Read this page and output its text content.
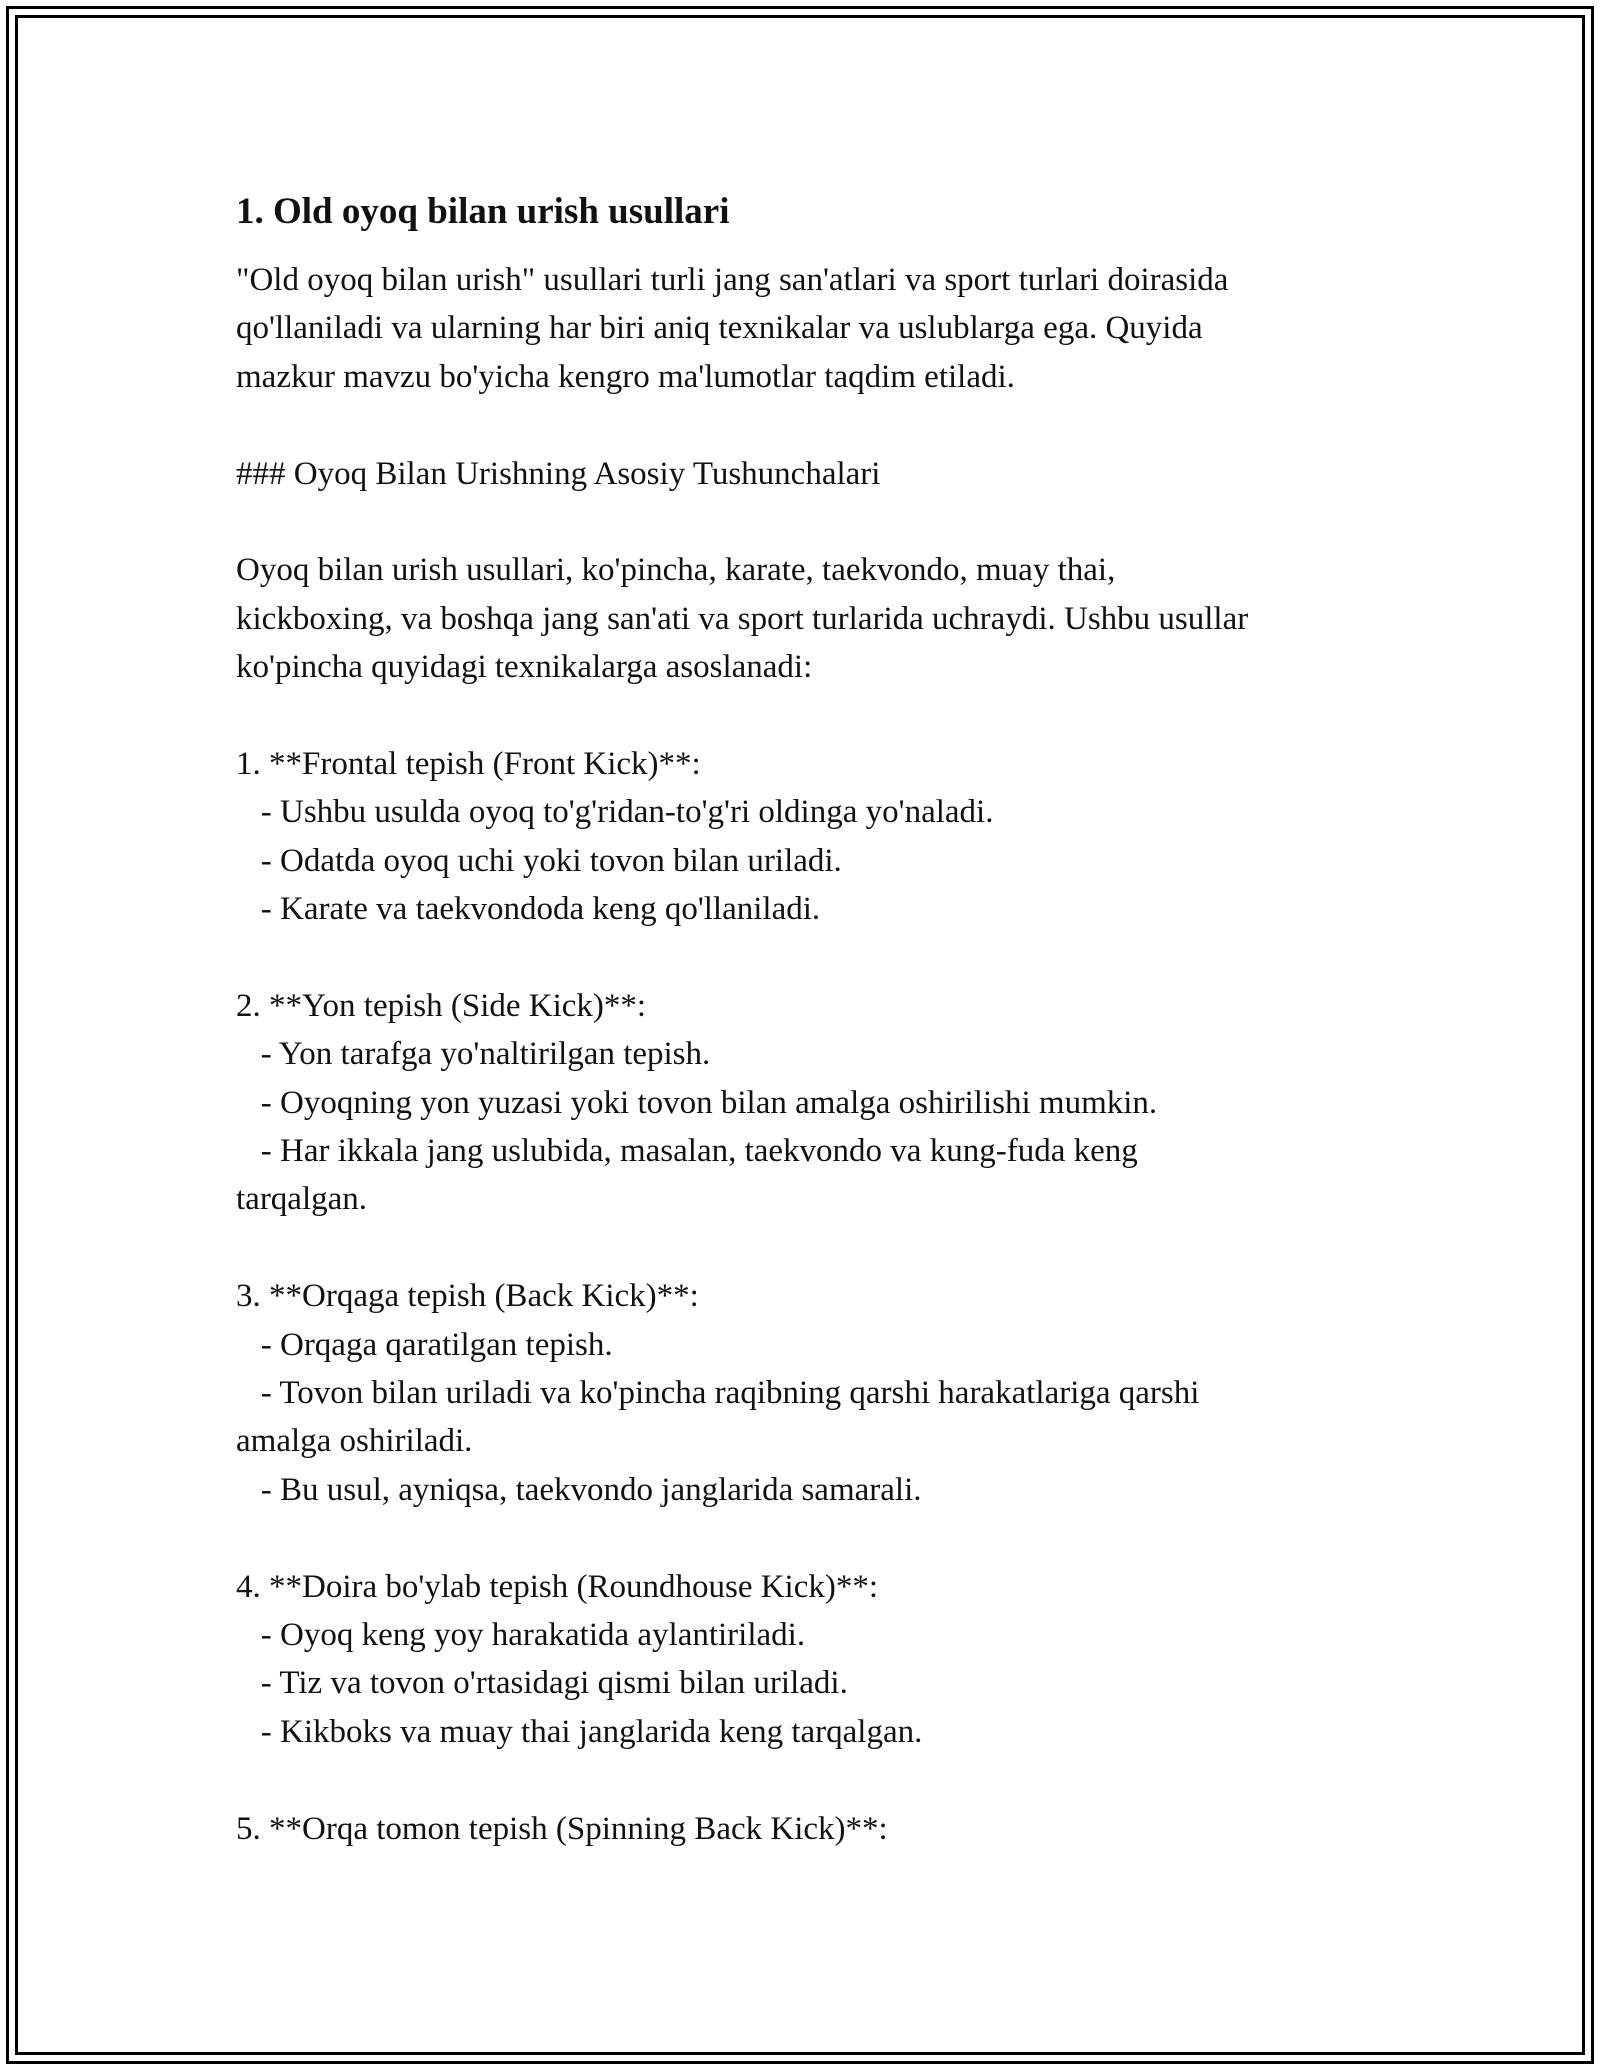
1. Old oyoq bilan urish usullari
"Old oyoq bilan urish" usullari turli jang san'atlari va sport turlari doirasida
qo'llaniladi va ularning har biri aniq texnikalar va uslublarga ega. Quyida
mazkur mavzu bo'yicha kengro ma'lumotlar taqdim etiladi.
### Oyoq Bilan Urishning Asosiy Tushunchalari
Oyoq bilan urish usullari, ko'pincha, karate, taekvondo, muay thai,
kickboxing, va boshqa jang san'ati va sport turlarida uchraydi. Ushbu usullar
ko'pincha quyidagi texnikalarga asoslanadi:
1. **Frontal tepish (Front Kick)**:
- Ushbu usulda oyoq to'g'ridan-to'g'ri oldinga yo'naladi.
- Odatda oyoq uchi yoki tovon bilan uriladi.
- Karate va taekvondoda keng qo'llaniladi.
2. **Yon tepish (Side Kick)**:
- Yon tarafga yo'naltirilgan tepish.
- Oyoqning yon yuzasi yoki tovon bilan amalga oshirilishi mumkin.
- Har ikkala jang uslubida, masalan, taekvondo va kung-fuda keng
tarqalgan.
3. **Orqaga tepish (Back Kick)**:
- Orqaga qaratilgan tepish.
- Tovon bilan uriladi va ko'pincha raqibning qarshi harakatlariga qarshi
amalga oshiriladi.
- Bu usul, ayniqsa, taekvondo janglarida samarali.
4. **Doira bo'ylab tepish (Roundhouse Kick)**:
- Oyoq keng yoy harakatida aylantiriladi.
- Tiz va tovon o'rtasidagi qismi bilan uriladi.
- Kikboks va muay thai janglarida keng tarqalgan.
5. **Orqa tomon tepish (Spinning Back Kick)**:
